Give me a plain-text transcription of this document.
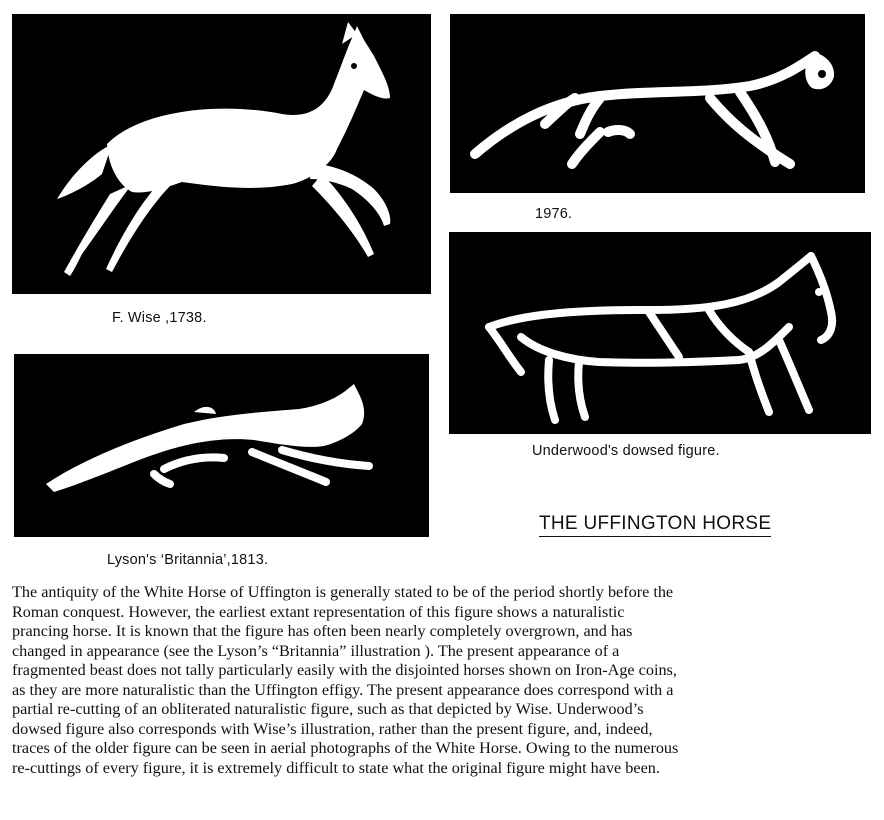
F. Wise ,1738.
1976.
Underwood's dowsed figure.
Lyson's ‘Britannia’,1813.
THE UFFINGTON HORSE

The antiquity of the White Horse of Uffington is generally stated to be of the period shortly before the
Roman conquest. However, the earliest extant representation of this figure shows a naturalistic
prancing horse. It is known that the figure has often been nearly completely overgrown, and has
changed in appearance (see the Lyson’s “Britannia” illustration ). The present appearance of a
fragmented beast does not tally particularly easily with the disjointed horses shown on Iron-Age coins,
as they are more naturalistic than the Uffington effigy. The present appearance does correspond with a
partial re-cutting of an obliterated naturalistic figure, such as that depicted by Wise. Underwood’s
dowsed figure also corresponds with Wise’s illustration, rather than the present figure, and, indeed,
traces of the older figure can be seen in aerial photographs of the White Horse. Owing to the numerous
re-cuttings of every figure, it is extremely difficult to state what the original figure might have been.
